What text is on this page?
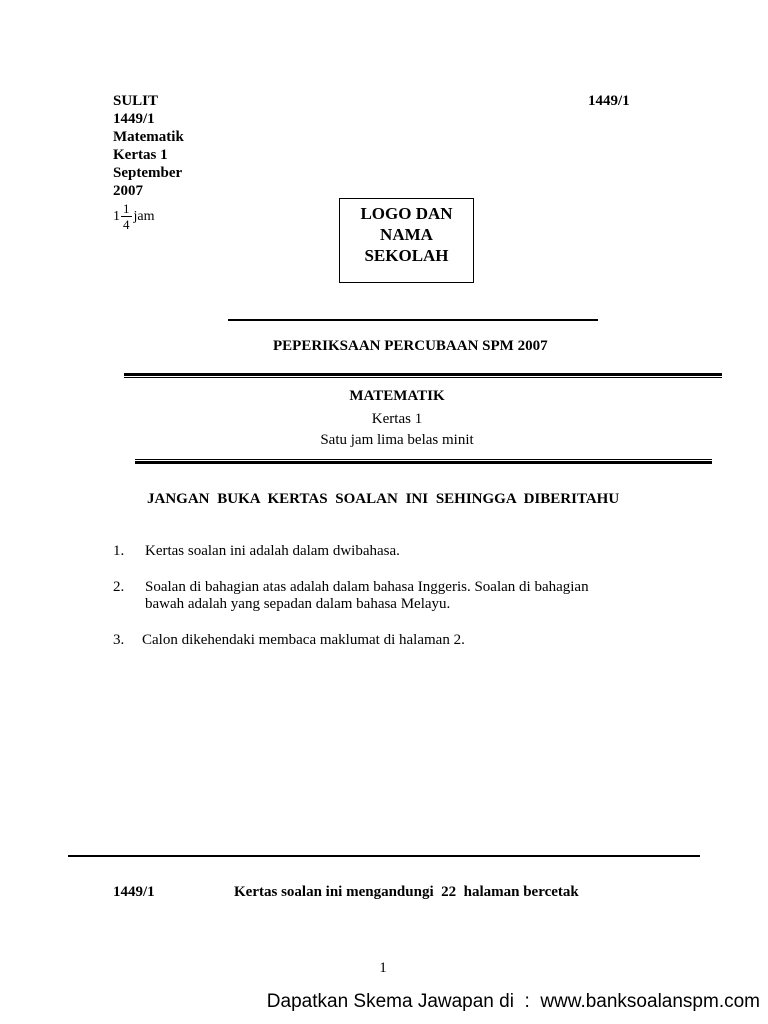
SULIT
1449/1
Matematik
Kertas 1
September
2007
$1 \frac{1}{4}$ jam
1449/1
LOGO DAN
NAMA
SEKOLAH
PEPERIKSAAN PERCUBAAN SPM 2007
MATEMATIK
Kertas 1
Satu jam lima belas minit
JANGAN BUKA KERTAS SOALAN INI SEHINGGA DIBERITAHU
1. Kertas soalan ini adalah dalam dwibahasa.
2. Soalan di bahagian atas adalah dalam bahasa Inggeris. Soalan di bahagian
bawah adalah yang sepadan dalam bahasa Melayu.
3. Calon dikehendaki membaca maklumat di halaman 2.
1449/1	Kertas soalan ini mengandungi  22  halaman bercetak
1
Dapatkan Skema Jawapan di  :  www.banksoalanspm.com
